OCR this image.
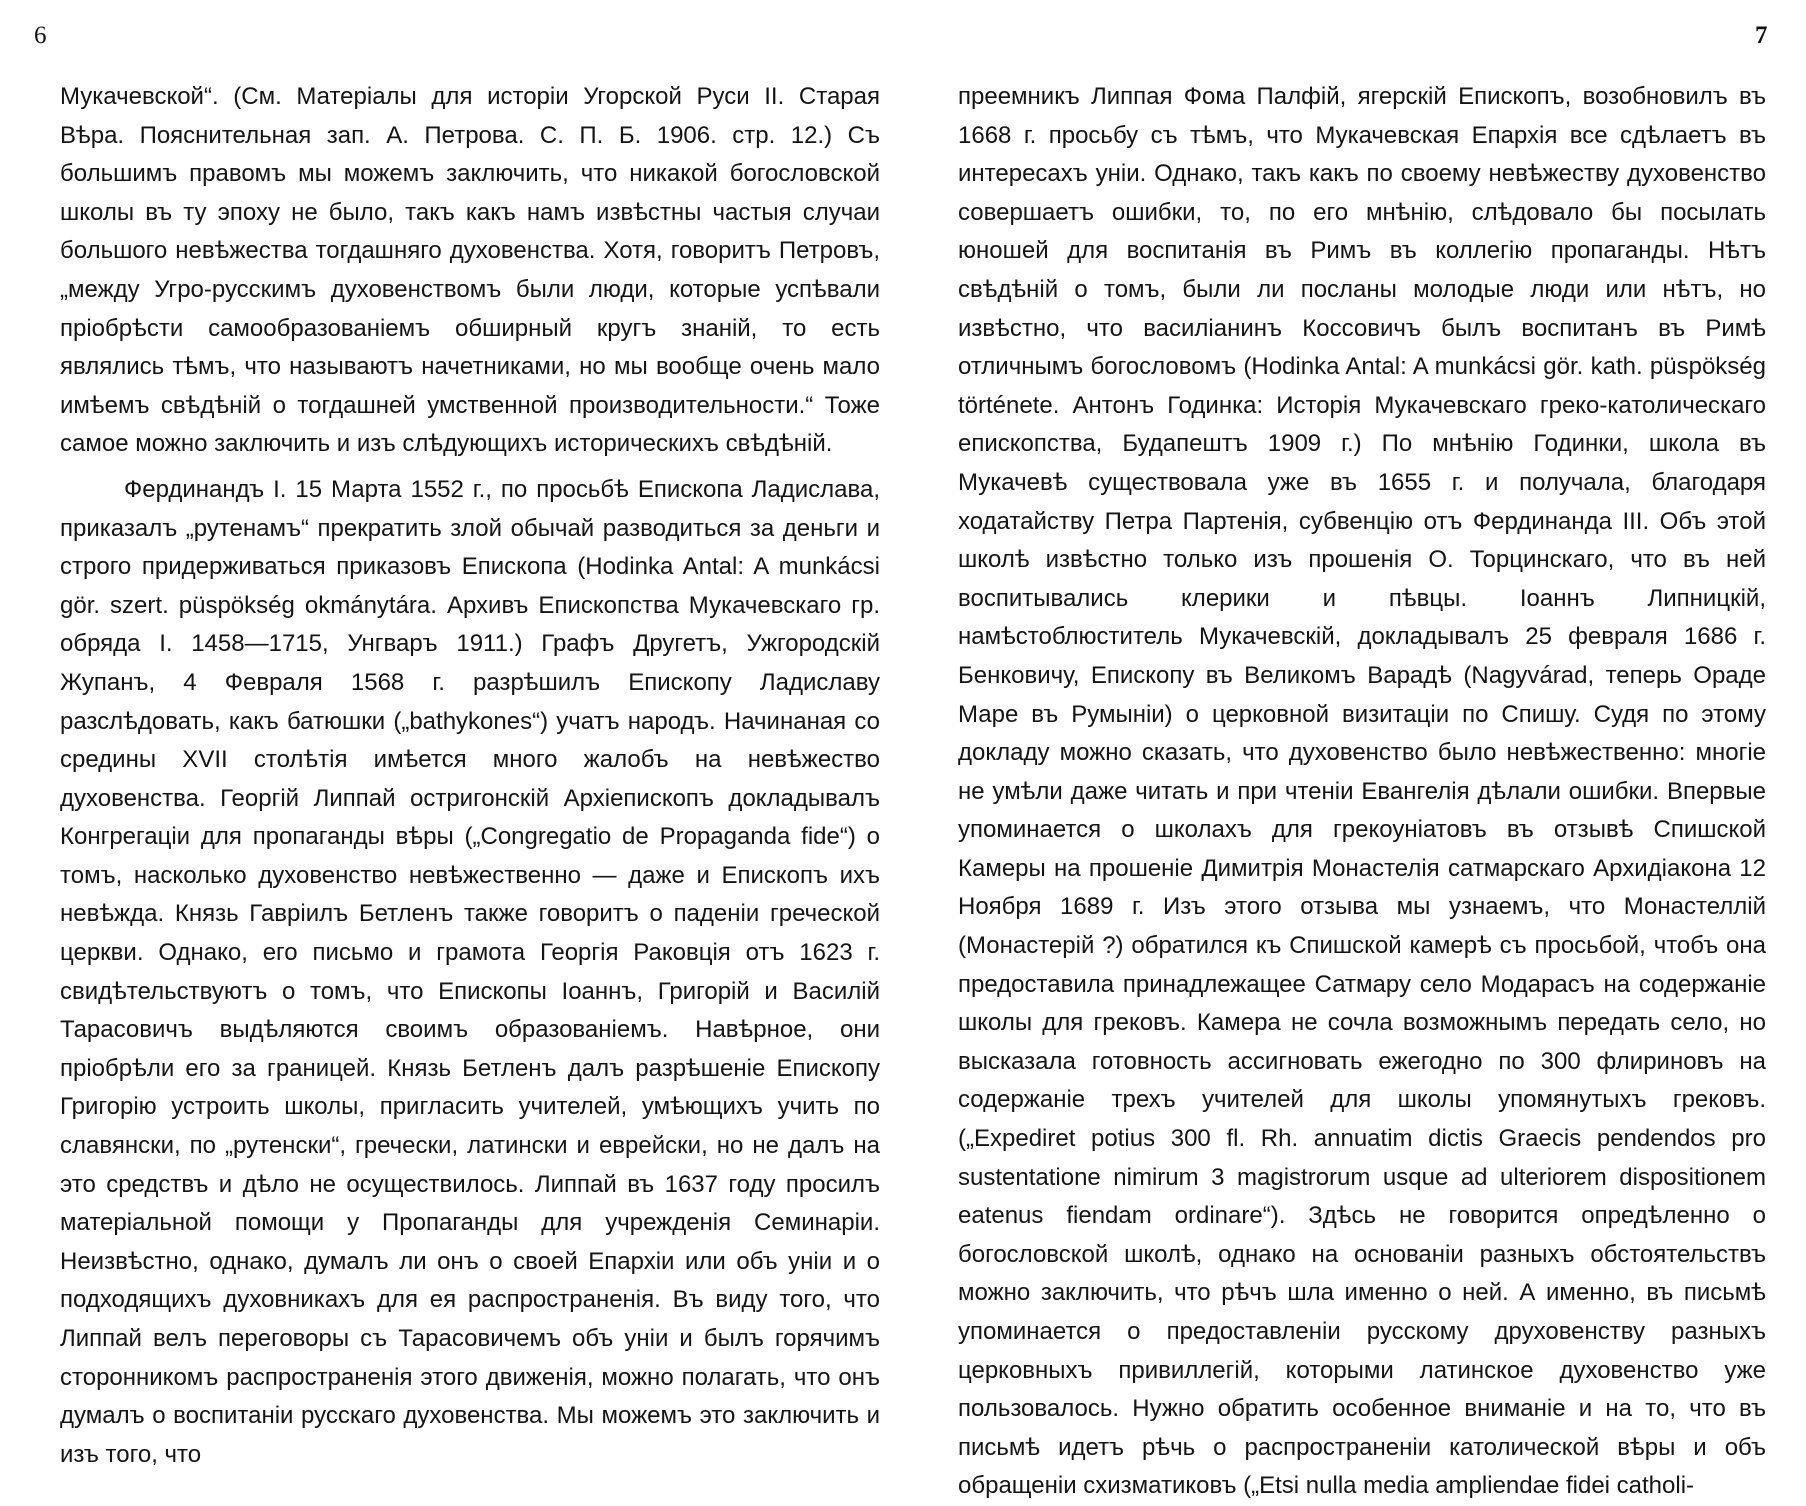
6	7

Мукачевской“. (См. Матеріалы для исторіи Угорской Руси II. Старая Вѣра. Пояснительная зап. А. Петрова. С. П. Б. 1906. стр. 12.) Съ большимъ правомъ мы можемъ заключить, что никакой богословской школы въ ту эпоху не было, такъ какъ намъ извѣстны частыя случаи большого невѣжества тогдашняго духовенства. Хотя, говоритъ Петровъ, „между Угро-русскимъ духовенствомъ были люди, которые успѣвали пріобрѣсти самообразованіемъ обширный кругъ знаній, то есть являлись тѣмъ, что называютъ начетниками, но мы вообще очень мало имѣемъ свѣдѣній о тогдашней умственной производительности.“ Тоже самое можно заключить и изъ слѣдующихъ историческихъ свѣдѣній.

Фердинандъ I. 15 Марта 1552 г., по просьбѣ Епископа Ладислава, приказалъ „рутенамъ“ прекратить злой обычай разводиться за деньги и строго придерживаться приказовъ Епископа (Hodinka Antal: A munkácsi gör. szert. püspökség okmánytára. Архивъ Епископства Мукачевскаго гр. обряда I. 1458—1715, Унгваръ 1911.) Графъ Другетъ, Ужгородскій Жупанъ, 4 Февраля 1568 г. разрѣшилъ Епископу Ладиславу разслѣдовать, какъ батюшки („bathykones“) учатъ народъ. Начинаная со средины XVII столѣтія имѣется много жалобъ на невѣжество духовенства. Георгій Липпай остригонскій Архіепископъ докладывалъ Конгрегаціи для пропаганды вѣры („Congregatio de Propaganda fide“) о томъ, насколько духовенство невѣжественно — даже и Епископъ ихъ невѣжда. Князь Гавріилъ Бетленъ также говоритъ о паденіи греческой церкви. Однако, его письмо и грамота Георгія Раковція отъ 1623 г. свидѣтельствуютъ о томъ, что Епископы Іоаннъ, Григорій и Василій Тарасовичъ выдѣляются своимъ образованіемъ. Навѣрное, они пріобрѣли его за границей. Князь Бетленъ далъ разрѣшеніе Епископу Григорію устроить школы, пригласить учителей, умѣющихъ учить по славянски, по „рутенски“, гречески, латински и еврейски, но не далъ на это средствъ и дѣло не осуществилось. Липпай въ 1637 году просилъ матеріальной помощи у Пропаганды для учрежденія Семинаріи. Неизвѣстно, однако, думалъ ли онъ о своей Епархіи или объ уніи и о подходящихъ духовникахъ для ея распространенія. Въ виду того, что Липпай велъ переговоры съ Тарасовичемъ объ уніи и былъ горячимъ сторонникомъ распространенія этого движенія, можно полагать, что онъ думалъ о воспитаніи русскаго духовенства. Мы можемъ это заключить и изъ того, что

преемникъ Липпая Фома Палфій, ягерскій Епископъ, возобновилъ въ 1668 г. просьбу съ тѣмъ, что Мукачевская Епархія все сдѣлаетъ въ интересахъ уніи. Однако, такъ какъ по своему невѣжеству духовенство совершаетъ ошибки, то, по его мнѣнію, слѣдовало бы посылать юношей для воспитанія въ Римъ въ коллегію пропаганды. Нѣтъ свѣдѣній о томъ, были ли посланы молодые люди или нѣтъ, но извѣстно, что василіанинъ Коссовичъ былъ воспитанъ въ Римѣ отличнымъ богословомъ (Hodinka Antal: A munkácsi gör. kath. püspökség története. Антонъ Годинка: Исторія Мукачевскаго греко-католическаго епископства, Будапештъ 1909 г.) По мнѣнію Годинки, школа въ Мукачевѣ существовала уже въ 1655 г. и получала, благодаря ходатайству Петра Партенія, субвенцію отъ Фердинанда III. Объ этой школѣ извѣстно только изъ прошенія О. Торцинскаго, что въ ней воспитывались клерики и пѣвцы. Іоаннъ Липницкій, намѣстоблюститель Мукачевскій, докладывалъ 25 февраля 1686 г. Бенковичу, Епископу въ Великомъ Варадѣ (Nagyvárad, теперь Ораде Маре въ Румыніи) о церковной визитаціи по Спишу. Судя по этому докладу можно сказать, что духовенство было невѣжественно: многіе не умѣли даже читать и при чтеніи Евангелія дѣлали ошибки. Впервые упоминается о школахъ для грекоуніатовъ въ отзывѣ Спишской Камеры на прошеніе Димитрія Монастелія сатмарскаго Архидіакона 12 Ноября 1689 г. Изъ этого отзыва мы узнаемъ, что Монастеллій (Монастерій ?) обратился къ Спишской камерѣ съ просьбой, чтобъ она предоставила принадлежащее Сатмару село Модарасъ на содержаніе школы для грековъ. Камера не сочла возможнымъ передать село, но высказала готовность ассигновать ежегодно по 300 флириновъ на содержаніе трехъ учителей для школы упомянутыхъ грековъ. („Expediret potius 300 fl. Rh. annuatim dictis Graecis pendendos pro sustentatione nimirum 3 magistrorum usque ad ulteriorem dispositionem eatenus fiendam ordinare“). Здѣсь не говорится опредѣленно о богословской школѣ, однако на основаніи разныхъ обстоятельствъ можно заключить, что рѣчъ шла именно о ней. А именно, въ письмѣ упоминается о предоставленіи русскому друховенству разныхъ церковныхъ привиллегій, которыми латинское духовенство уже пользовалось. Нужно обратить особенное вниманіе и на то, что въ письмѣ идетъ рѣчь о распространеніи католической вѣры и объ обращеніи схизматиковъ („Etsi nulla media ampliendae fidei catholi-
